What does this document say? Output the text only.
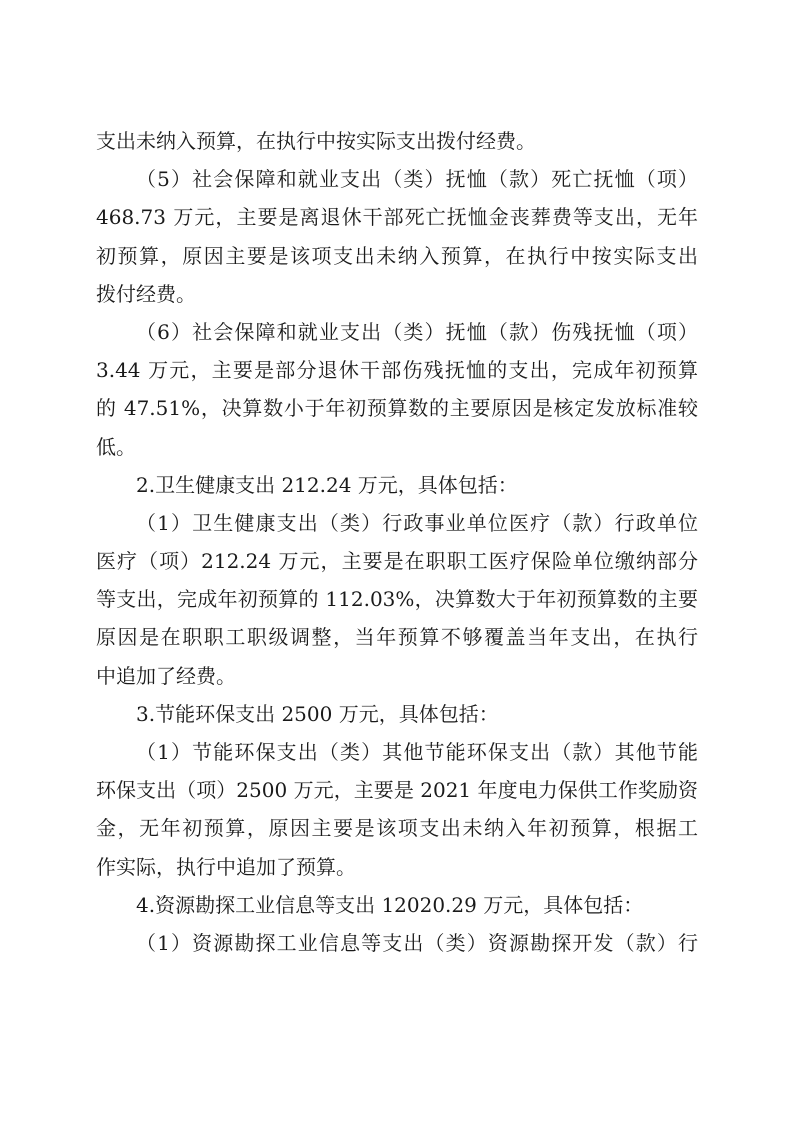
支出未纳入预算，在执行中按实际支出拨付经费。
（5）社会保障和就业支出（类）抚恤（款）死亡抚恤（项）
468.73 万元，主要是离退休干部死亡抚恤金丧葬费等支出，无年
初预算，原因主要是该项支出未纳入预算，在执行中按实际支出
拨付经费。
（6）社会保障和就业支出（类）抚恤（款）伤残抚恤（项）
3.44 万元，主要是部分退休干部伤残抚恤的支出，完成年初预算
的 47.51%，决算数小于年初预算数的主要原因是核定发放标准较
低。
2.卫生健康支出 212.24 万元，具体包括：
（1）卫生健康支出（类）行政事业单位医疗（款）行政单位
医疗（项）212.24 万元，主要是在职职工医疗保险单位缴纳部分
等支出，完成年初预算的 112.03%，决算数大于年初预算数的主要
原因是在职职工职级调整，当年预算不够覆盖当年支出，在执行
中追加了经费。
3.节能环保支出 2500 万元，具体包括：
（1）节能环保支出（类）其他节能环保支出（款）其他节能
环保支出（项）2500 万元，主要是 2021 年度电力保供工作奖励资
金，无年初预算，原因主要是该项支出未纳入年初预算，根据工
作实际，执行中追加了预算。
4.资源勘探工业信息等支出 12020.29 万元，具体包括：
（1）资源勘探工业信息等支出（类）资源勘探开发（款）行
